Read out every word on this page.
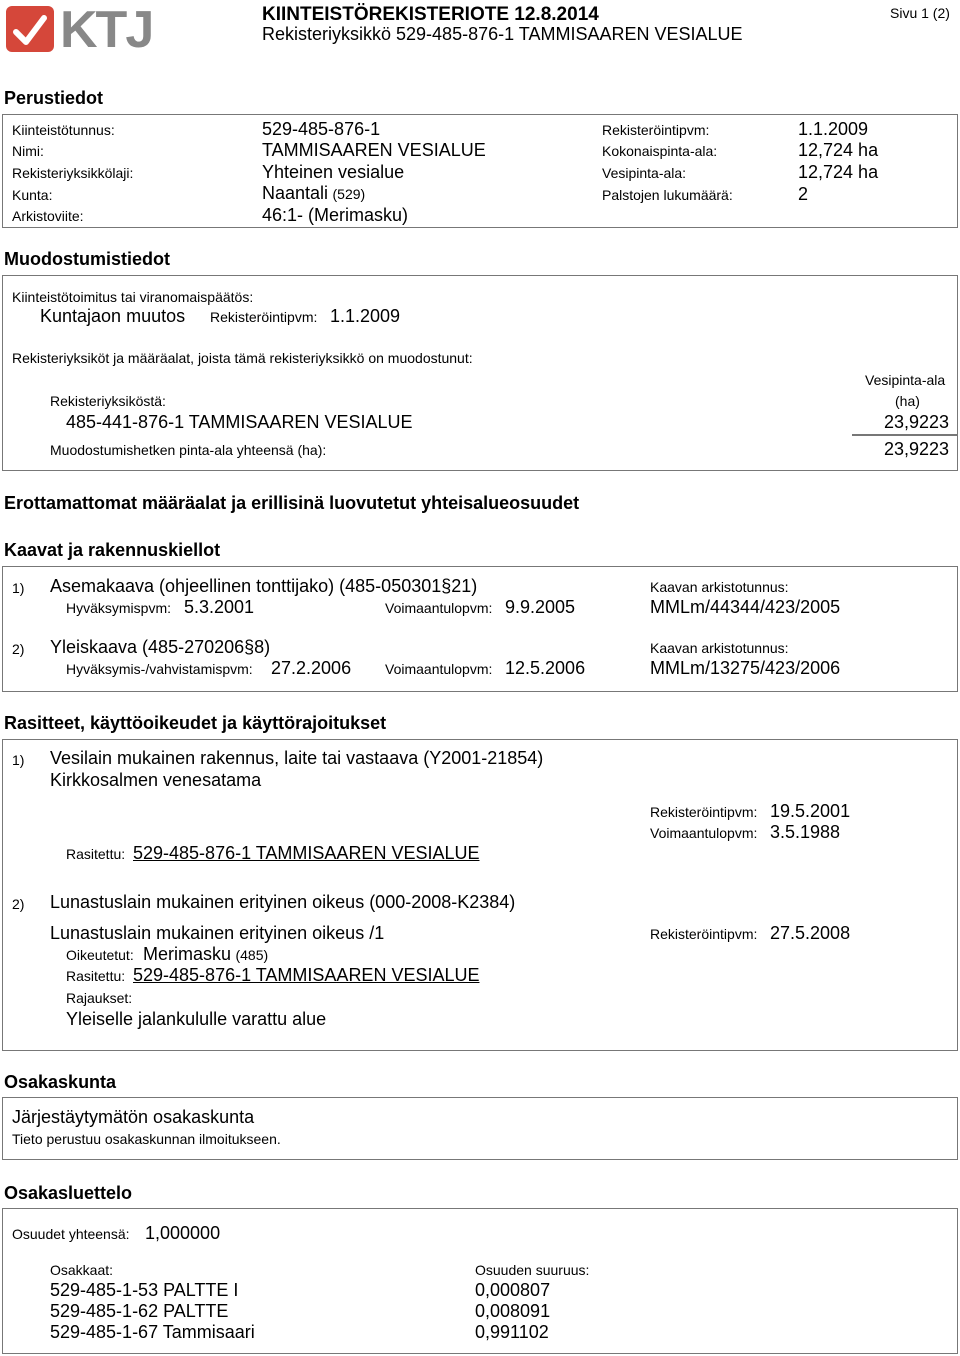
KTJ	KIINTEISTÖREKISTERIOTE 12.8.2014
Rekisteriyksikkö 529-485-876-1 TAMMISAAREN VESIALUE
Sivu 1 (2)
Perustiedot
Kiinteistötunnus:	529-485-876-1
Nimi:	TAMMISAAREN VESIALUE
Rekisteriyksikkölaji:	Yhteinen vesialue
Kunta:	Naantali (529)
Arkistoviite:	46:1- (Merimasku)
Rekisteröintipvm:	1.1.2009
Kokonaispinta-ala:	12,724 ha
Vesipinta-ala:	12,724 ha
Palstojen lukumäärä:	2
Muodostumistiedot
Kiinteistötoimitus tai viranomaispäätös:
Kuntajaon muutos Rekisteröintipvm: 1.1.2009
Rekisteriyksiköt ja määräalat, joista tämä rekisteriyksikkö on muodostunut:
Vesipinta-ala
Rekisteriyksiköstä:	(ha)
485-441-876-1 TAMMISAAREN VESIALUE	23,9223
Muodostumishetken pinta-ala yhteensä (ha):	23,9223
Erottamattomat määräalat ja erillisinä luovutetut yhteisalueosuudet
Kaavat ja rakennuskiellot
1) Asemakaava (ohjeellinen tonttijako) (485-050301§21)	Kaavan arkistotunnus:
Hyväksymispvm: 5.3.2001	Voimaantulopvm: 9.9.2005	MMLm/44344/423/2005
2) Yleiskaava (485-270206§8)	Kaavan arkistotunnus:
Hyväksymis-/vahvistamispvm: 27.2.2006 Voimaantulopvm: 12.5.2006	MMLm/13275/423/2006
Rasitteet, käyttöoikeudet ja käyttörajoitukset
1) Vesilain mukainen rakennus, laite tai vastaava (Y2001-21854)
Kirkkosalmen venesatama
Rekisteröintipvm: 19.5.2001
Voimaantulopvm: 3.5.1988
Rasitettu: 529-485-876-1 TAMMISAAREN VESIALUE
2) Lunastuslain mukainen erityinen oikeus (000-2008-K2384)
Lunastuslain mukainen erityinen oikeus /1	Rekisteröintipvm: 27.5.2008
Oikeutetut: Merimasku (485)
Rasitettu: 529-485-876-1 TAMMISAAREN VESIALUE
Rajaukset:
Yleiselle jalankululle varattu alue
Osakaskunta
Järjestäytymätön osakaskunta
Tieto perustuu osakaskunnan ilmoitukseen.
Osakasluettelo
Osuudet yhteensä: 1,000000
Osakkaat:	Osuuden suuruus:
529-485-1-53 PALTTE I	0,000807
529-485-1-62 PALTTE	0,008091
529-485-1-67 Tammisaari	0,991102
